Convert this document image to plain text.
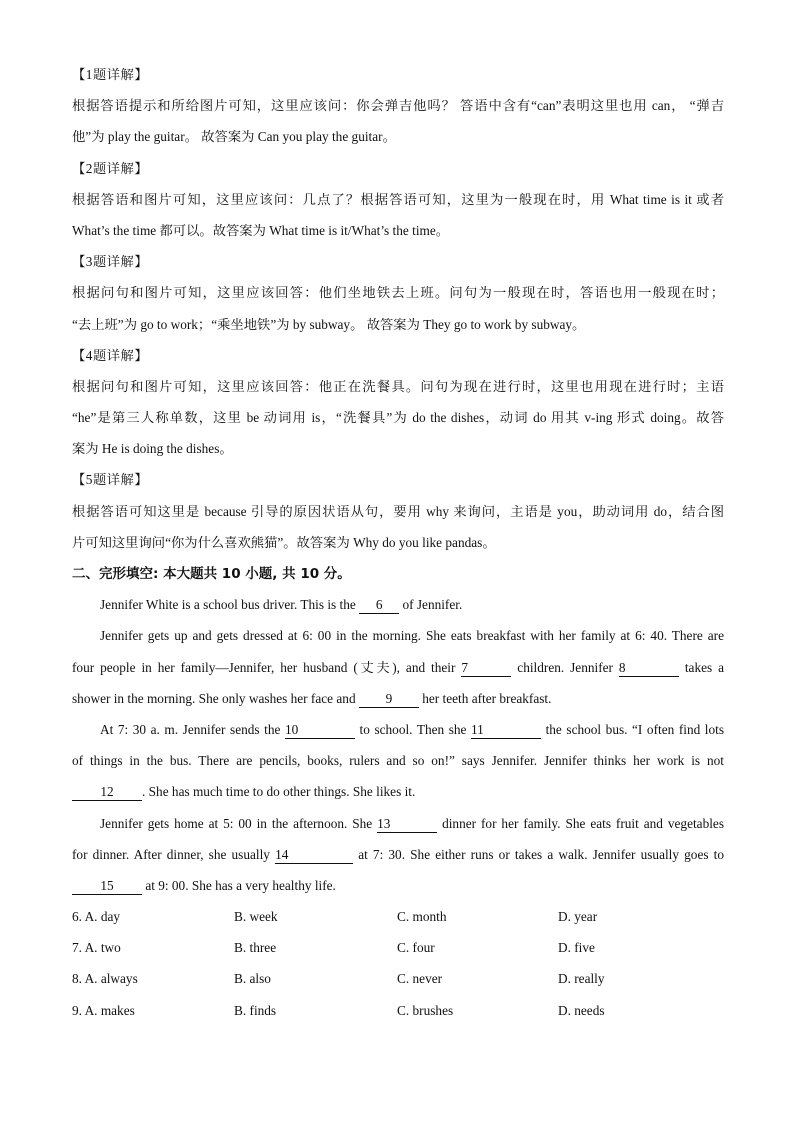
【1题详解】
根据答语提示和所给图片可知，这里应该问：你会弹吉他吗？ 答语中含有“can”表明这里也用 can， “弹吉
他”为 play the guitar。 故答案为 Can you play the guitar。
【2题详解】
根据答语和图片可知，这里应该问：几点了？根据答语可知，这里为一般现在时，用 What time is it 或者
What’s the time 都可以。故答案为 What time is it/What’s the time。
【3题详解】
根据问句和图片可知，这里应该回答：他们坐地铁去上班。问句为一般现在时，答语也用一般现在时；
“去上班”为 go to work；“乘坐地铁”为 by subway。 故答案为 They go to work by subway。
【4题详解】
根据问句和图片可知，这里应该回答：他正在洗餐具。问句为现在进行时，这里也用现在进行时；主语
“he”是第三人称单数，这里 be 动词用 is，“洗餐具”为 do the dishes，动词 do 用其 v-ing 形式 doing。故答
案为 He is doing the dishes。
【5题详解】
根据答语可知这里是 because 引导的原因状语从句，要用 why 来询问，主语是 you，助动词用 do，结合图
片可知这里询问“你为什么喜欢熊猫”。故答案为 Why do you like pandas。
二、完形填空: 本大题共 10 小题, 共 10 分。
Jennifer White is a school bus driver. This is the 6 of Jennifer.
Jennifer gets up and gets dressed at 6: 00 in the morning. She eats breakfast with her family at 6: 40. There are
four people in her family—Jennifer, her husband (丈夫), and their 7	children. Jennifer 8	takes a
shower in the morning. She only washes her face and 9 her teeth after breakfast.
At 7: 30 a. m. Jennifer sends the 10	to school. Then she 11	the school bus. “I often find lots
of things in the bus. There are pencils, books, rulers and so on!” says Jennifer. Jennifer thinks her work is not
12 . She has much time to do other things. She likes it.
Jennifer gets home at 5: 00 in the afternoon. She 13	dinner for her family. She eats fruit and vegetables
for dinner. After dinner, she usually 14	at 7: 30. She either runs or takes a walk. Jennifer usually goes to
15 at 9: 00. She has a very healthy life.
6. A. day	B. week	C. month	D. year
7. A. two	B. three	C. four	D. five
8. A. always	B. also	C. never	D. really
9. A. makes	B. finds	C. brushes	D. needs
